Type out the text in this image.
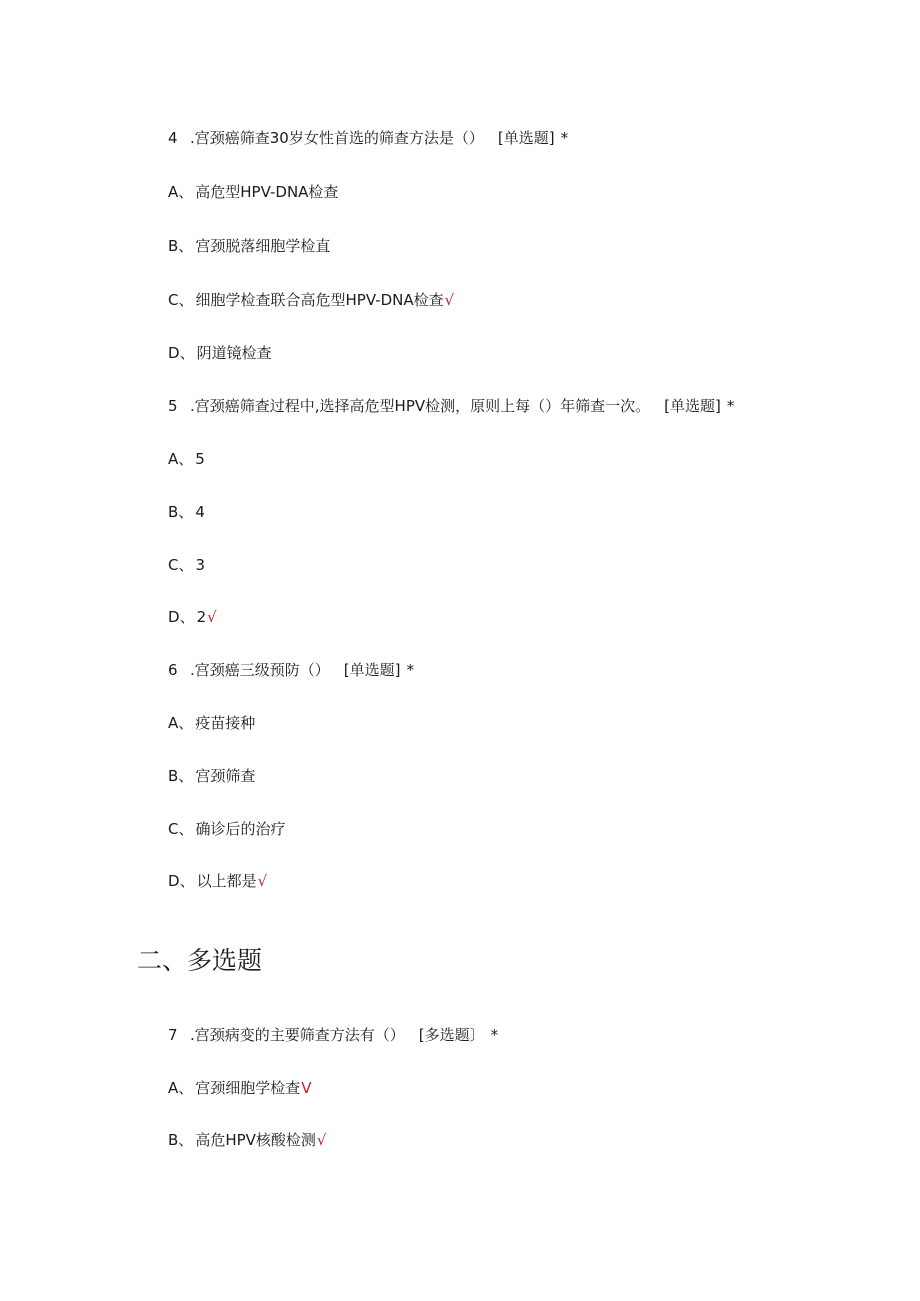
4 .宫颈癌筛查30岁女性首选的筛查方法是（） [单选题] *
A、 高危型HPV-DNA检查
B、 宫颈脱落细胞学检直
C、 细胞学检查联合高危型HPV-DNA检查√
D、 阴道镜检查
5 .宫颈癌筛查过程中,选择高危型HPV检测，原则上每（）年筛查一次。 [单选题] *
A、 5
B、 4
C、 3
D、 2√
6 .宫颈癌三级预防（） [单选题] *
A、 疫苗接种
B、 宫颈筛查
C、 确诊后的治疗
D、 以上都是√
二、多选题
7 .宫颈病变的主要筛查方法有（） [多选题〕 *
A、 宫颈细胞学检查V
B、 高危HPV核酸检测√
